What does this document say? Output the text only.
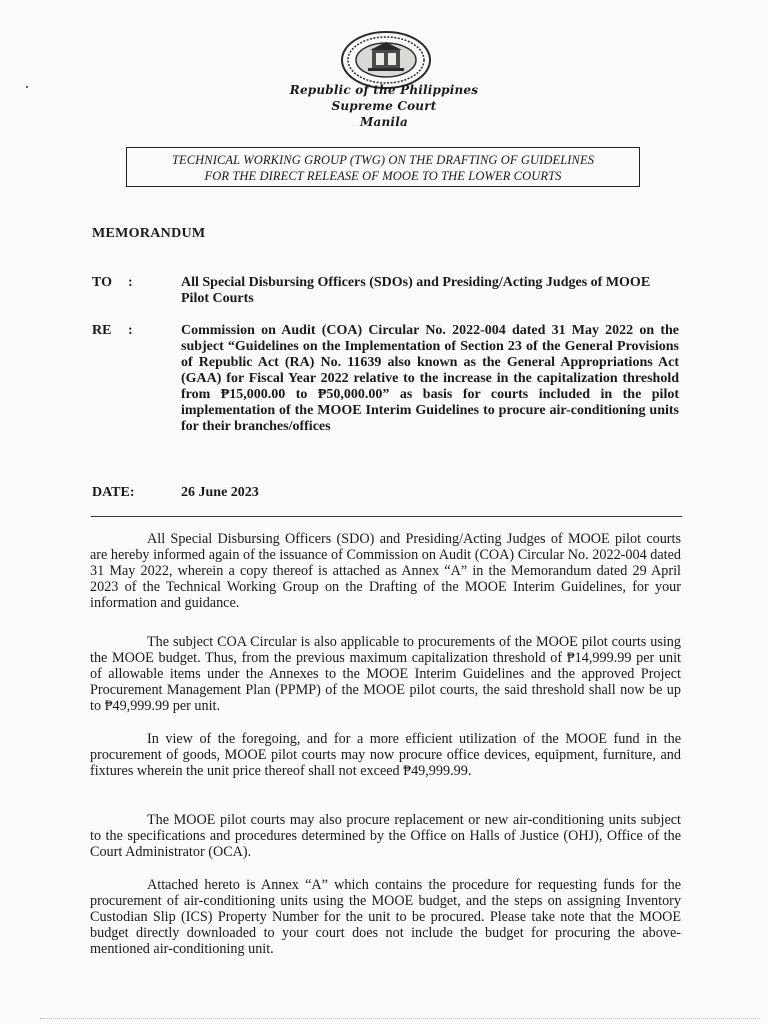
Republic of the Philippines
Supreme Court
Manila
TECHNICAL WORKING GROUP (TWG) ON THE DRAFTING OF GUIDELINES
FOR THE DIRECT RELEASE OF MOOE TO THE LOWER COURTS
MEMORANDUM
TO :	All Special Disbursing Officers (SDOs) and Presiding/Acting Judges of MOOE Pilot Courts
RE :	Commission on Audit (COA) Circular No. 2022-004 dated 31 May 2022 on the subject “Guidelines on the Implementation of Section 23 of the General Provisions of Republic Act (RA) No. 11639 also known as the General Appropriations Act (GAA) for Fiscal Year 2022 relative to the increase in the capitalization threshold from ₱15,000.00 to ₱50,000.00” as basis for courts included in the pilot implementation of the MOOE Interim Guidelines to procure air-conditioning units for their branches/offices
DATE:	26 June 2023

All Special Disbursing Officers (SDO) and Presiding/Acting Judges of MOOE pilot courts are hereby informed again of the issuance of Commission on Audit (COA) Circular No. 2022-004 dated 31 May 2022, wherein a copy thereof is attached as Annex “A” in the Memorandum dated 29 April 2023 of the Technical Working Group on the Drafting of the MOOE Interim Guidelines, for your information and guidance.

The subject COA Circular is also applicable to procurements of the MOOE pilot courts using the MOOE budget. Thus, from the previous maximum capitalization threshold of ₱14,999.99 per unit of allowable items under the Annexes to the MOOE Interim Guidelines and the approved Project Procurement Management Plan (PPMP) of the MOOE pilot courts, the said threshold shall now be up to ₱49,999.99 per unit.

In view of the foregoing, and for a more efficient utilization of the MOOE fund in the procurement of goods, MOOE pilot courts may now procure office devices, equipment, furniture, and fixtures wherein the unit price thereof shall not exceed ₱49,999.99.

The MOOE pilot courts may also procure replacement or new air-conditioning units subject to the specifications and procedures determined by the Office on Halls of Justice (OHJ), Office of the Court Administrator (OCA).

Attached hereto is Annex “A” which contains the procedure for requesting funds for the procurement of air-conditioning units using the MOOE budget, and the steps on assigning Inventory Custodian Slip (ICS) Property Number for the unit to be procured. Please take note that the MOOE budget directly downloaded to your court does not include the budget for procuring the above-mentioned air-conditioning unit.
